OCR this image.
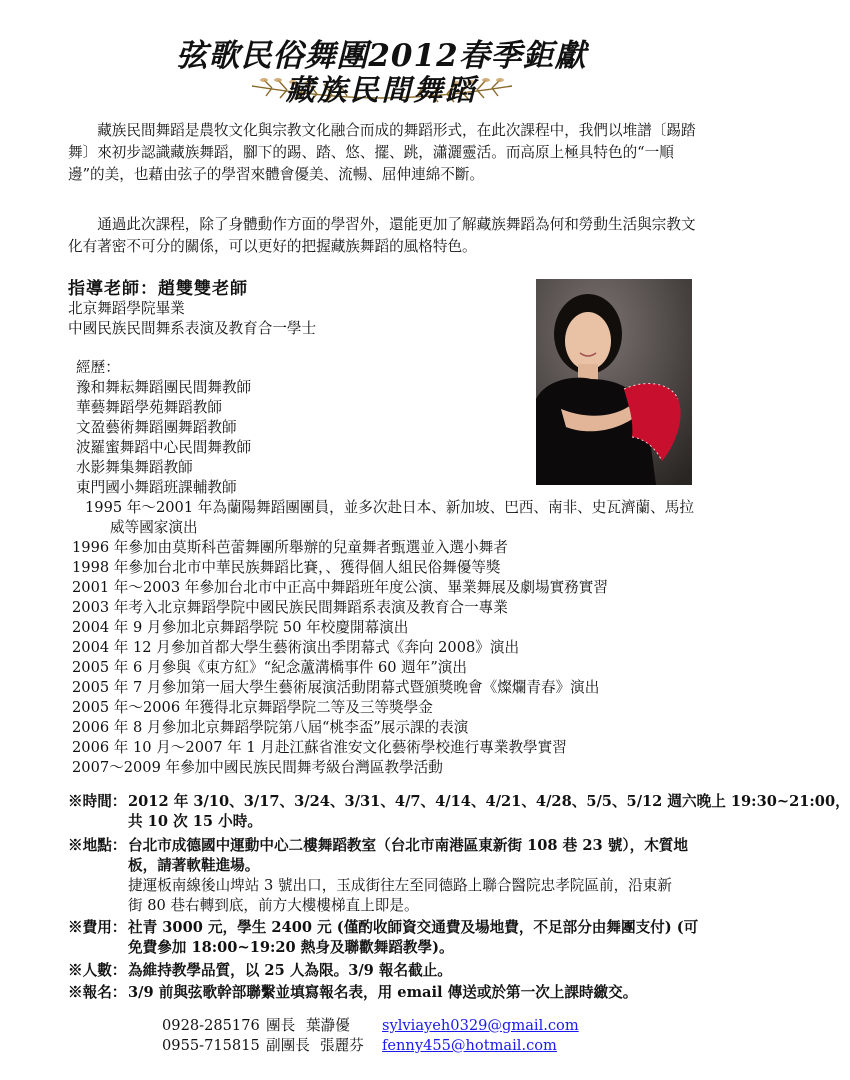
弦歌民俗舞團2012春季鉅獻
藏族民間舞蹈

藏族民間舞蹈是農牧文化與宗教文化融合而成的舞蹈形式，在此次課程中，我們以堆譜〔踢踏舞〕來初步認識藏族舞蹈，腳下的踢、踏、悠、擺、跳，瀟灑靈活。而高原上極具特色的“一順邊”的美，也藉由弦子的學習來體會優美、流暢、屈伸連綿不斷。

通過此次課程，除了身體動作方面的學習外，還能更加了解藏族舞蹈為何和勞動生活與宗教文化有著密不可分的關係，可以更好的把握藏族舞蹈的風格特色。

指導老師：趙雙雙老師
北京舞蹈學院畢業
中國民族民間舞系表演及教育合一學士
經歷：
豫和舞耘舞蹈團民間舞教師
華藝舞蹈學苑舞蹈教師
文盈藝術舞蹈團舞蹈教師
波羅蜜舞蹈中心民間舞教師
水影舞集舞蹈教師
東門國小舞蹈班課輔教師
1995 年～2001 年為蘭陽舞蹈團團員，並多次赴日本、新加坡、巴西、南非、史瓦濟蘭、馬拉
威等國家演出
1996 年參加由莫斯科芭蕾舞團所舉辦的兒童舞者甄選並入選小舞者
1998 年參加台北市中華民族舞蹈比賽，、獲得個人組民俗舞優等獎
2001 年～2003 年參加台北市中正高中舞蹈班年度公演、畢業舞展及劇場實務實習
2003 年考入北京舞蹈學院中國民族民間舞蹈系表演及教育合一專業
2004 年 9 月參加北京舞蹈學院 50 年校慶開幕演出
2004 年 12 月參加首都大學生藝術演出季閉幕式《奔向 2008》演出
2005 年 6 月參與《東方紅》“紀念蘆溝橋事件 60 週年”演出
2005 年 7 月參加第一屆大學生藝術展演活動閉幕式暨頒獎晚會《燦爛青春》演出
2005 年～2006 年獲得北京舞蹈學院二等及三等獎學金
2006 年 8 月參加北京舞蹈學院第八屆“桃李盃”展示課的表演
2006 年 10 月～2007 年 1 月赴江蘇省淮安文化藝術學校進行專業教學實習
2007～2009 年參加中國民族民間舞考級台灣區教學活動
※時間： 2012 年 3/10、3/17、3/24、3/31、4/7、4/14、4/21、4/28、5/5、5/12 週六晚上 19:30~21:00，
共 10 次 15 小時。
※地點： 台北市成德國中運動中心二樓舞蹈教室（台北市南港區東新街 108 巷 23 號），木質地
板，請著軟鞋進場。
捷運板南線後山埤站 3 號出口，玉成街往左至同德路上聯合醫院忠孝院區前，沿東新
街 80 巷右轉到底，前方大樓樓梯直上即是。
※費用： 社青 3000 元，學生 2400 元 (僅酌收師資交通費及場地費，不足部分由舞團支付) (可
免費參加 18:00~19:20 熱身及聯歡舞蹈教學)。
※人數： 為維持教學品質，以 25 人為限。3/9 報名截止。
※報名： 3/9 前與弦歌幹部聯繫並填寫報名表，用 email 傳送或於第一次上課時繳交。
0928-285176 團長 葉瀞優 sylviayeh0329@gmail.com
0955-715815 副團長 張麗芬 fenny455@hotmail.com
